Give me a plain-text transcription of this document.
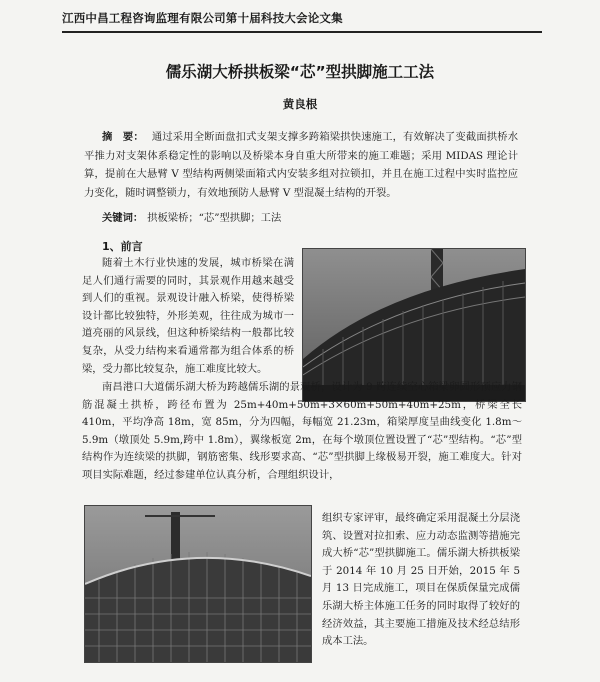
江西中昌工程咨询监理有限公司第十届科技大会论文集
儒乐湖大桥拱板梁“芯”型拱脚施工工法
黄良根
摘　要： 通过采用全断面盘扣式支架支撑多跨箱梁拱快速施工，有效解决了变截面拱桥水平推力对支架体系稳定性的影响以及桥梁本身自重大所带来的施工难题；采用 MIDAS 理论计算，提前在大悬臂 V 型结构两侧梁面箱式内安装多组对拉锁扣，并且在施工过程中实时监控应力变化，随时调整锁力，有效地预防人悬臂 V 型混凝土结构的开裂。
关键词： 拱板梁桥；“芯”型拱脚；工法
1、前言

随着土木行业快速的发展，城市桥梁在满足人们通行需要的同时，其景观作用越来越受到人们的重视。景观设计融入桥梁，使得桥梁设计都比较独特，外形美观，往往成为城市一道亮丽的风景线，但这种桥梁结构一般都比较复杂，从受力结构来看通常都为组合体系的桥梁，受力都比较复杂，施工难度比较大。

南昌港口大道儒乐湖大桥为跨越儒乐湖的景观桥，设计为 9 跨连续空心箱梁卵圆形预应力钢筋混凝土拱桥，跨径布置为 25m+40m+50m+3×60m+50m+40m+25m，桥梁全长 410m，平均净高 18m，宽 85m，分为四幅，每幅宽 21.23m，箱梁厚度呈曲线变化 1.8m～5.9m（墩顶处 5.9m,跨中 1.8m），翼缘板宽 2m，在每个墩顶位置设置了“芯”型结构。“芯”型结构作为连续梁的拱脚，钢筋密集、线形要求高、“芯”型拱脚上缘极易开裂，施工难度大。针对项目实际难题，经过参建单位认真分析，合理组织设计，

组织专家评审，最终确定采用混凝土分层浇筑、设置对拉扣索、应力动态监测等措施完成大桥“芯”型拱脚施工。儒乐湖大桥拱板梁于 2014 年 10 月 25 日开始，2015 年 5 月 13 日完成施工，项目在保质保量完成儒乐湖大桥主体施工任务的同时取得了较好的经济效益，其主要施工措施及技术经总结形成本工法。
